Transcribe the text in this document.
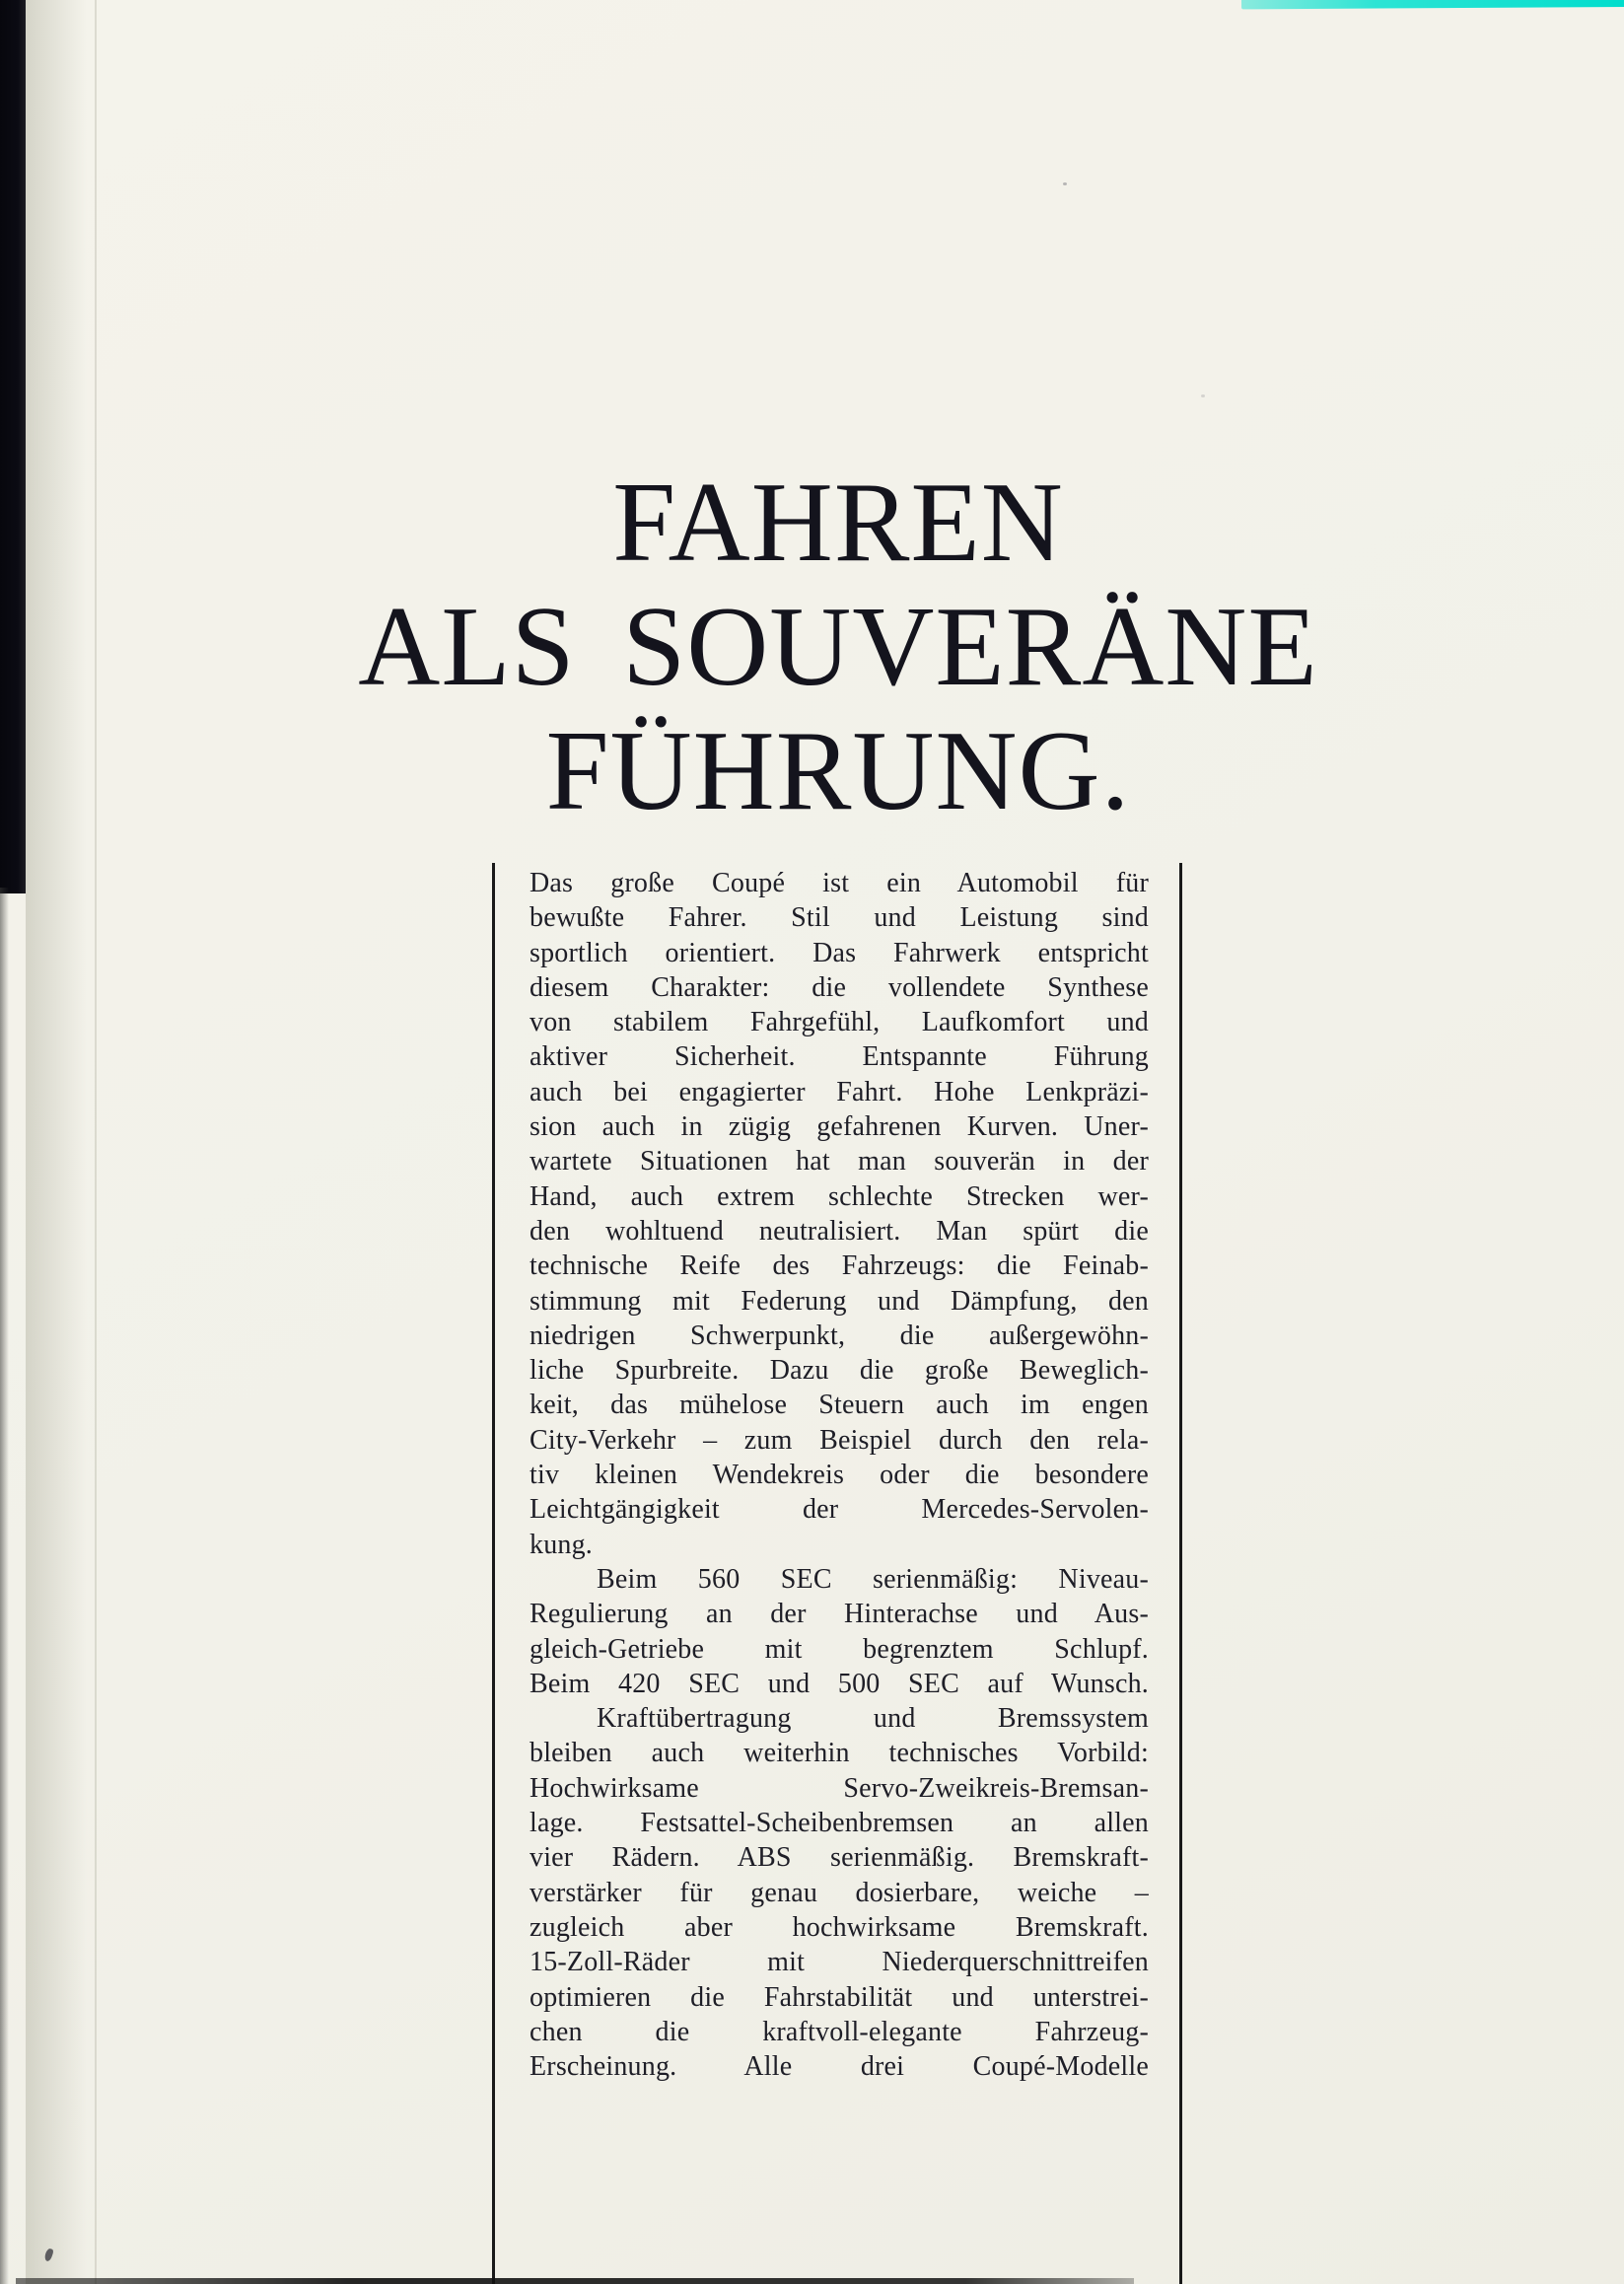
FAHREN
ALS SOUVERÄNE
FÜHRUNG.
Das große Coupé ist ein Automobil für
bewußte Fahrer. Stil und Leistung sind
sportlich orientiert. Das Fahrwerk entspricht
diesem Charakter: die vollendete Synthese
von stabilem Fahrgefühl, Laufkomfort und
aktiver Sicherheit. Entspannte Führung
auch bei engagierter Fahrt. Hohe Lenkpräzi-
sion auch in zügig gefahrenen Kurven. Uner-
wartete Situationen hat man souverän in der
Hand, auch extrem schlechte Strecken wer-
den wohltuend neutralisiert. Man spürt die
technische Reife des Fahrzeugs: die Feinab-
stimmung mit Federung und Dämpfung, den
niedrigen Schwerpunkt, die außergewöhn-
liche Spurbreite. Dazu die große Beweglich-
keit, das mühelose Steuern auch im engen
City-Verkehr – zum Beispiel durch den rela-
tiv kleinen Wendekreis oder die besondere
Leichtgängigkeit der Mercedes-Servolen-
kung.
Beim 560 SEC serienmäßig: Niveau-
Regulierung an der Hinterachse und Aus-
gleich-Getriebe mit begrenztem Schlupf.
Beim 420 SEC und 500 SEC auf Wunsch.
Kraftübertragung und Bremssystem
bleiben auch weiterhin technisches Vorbild:
Hochwirksame Servo-Zweikreis-Bremsan-
lage. Festsattel-Scheibenbremsen an allen
vier Rädern. ABS serienmäßig. Bremskraft-
verstärker für genau dosierbare, weiche –
zugleich aber hochwirksame Bremskraft.
15-Zoll-Räder mit Niederquerschnittreifen
optimieren die Fahrstabilität und unterstrei-
chen die kraftvoll-elegante Fahrzeug-
Erscheinung. Alle drei Coupé-Modelle
